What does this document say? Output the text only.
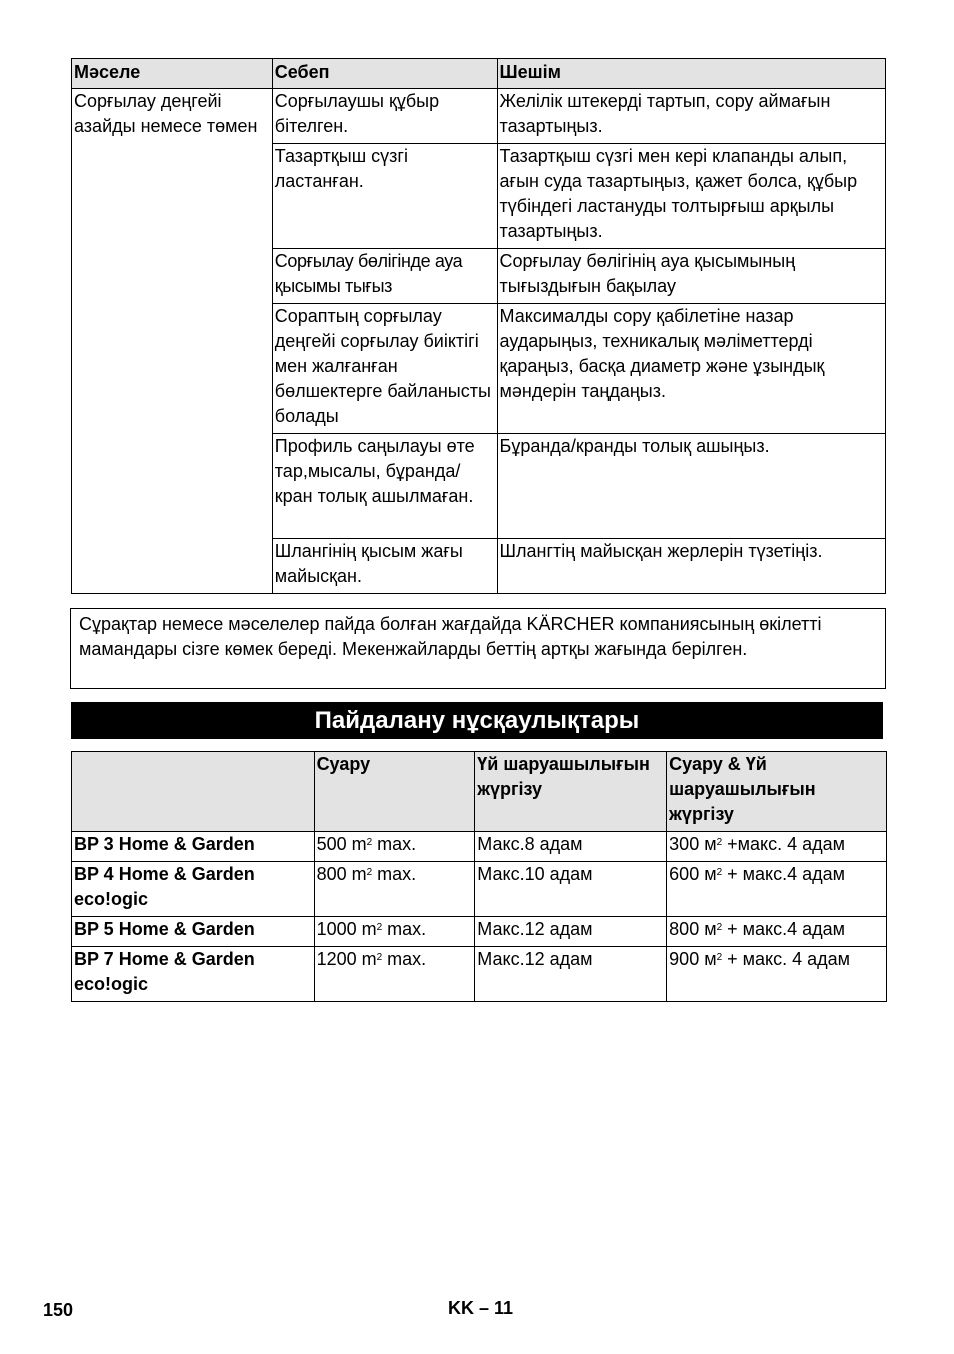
Мәселе	Себеп	Шешім
Сорғылау деңгейі азайды немесе төмен	Сорғылаушы құбыр бітелген.	Желілік штекерді тартып, сору аймағын тазартыңыз.
	Тазартқыш сүзгі ластанған.	Тазартқыш сүзгі мен кері клапанды алып, ағын суда тазартыңыз, қажет болса, құбыр түбіндегі ластануды толтырғыш арқылы тазартыңыз.
	Сорғылау бөлігінде ауа қысымы тығыз	Сорғылау бөлігінің ауа қысымының тығыздығын бақылау
	Сораптың сорғылау деңгейі сорғылау биіктігі мен жалғанған бөлшектерге байланысты болады	Максималды сору қабілетіне назар аударыңыз, техникалық мәліметтерді қараңыз, басқа диаметр және ұзындық мәндерін таңдаңыз.
	Профиль саңылауы өте тар,мысалы, бұранда/кран толық ашылмаған.	Бұранда/кранды толық ашыңыз.
	Шлангінің қысым жағы майысқан.	Шлангтің майысқан жерлерін түзетіңіз.
Сұрақтар немесе мәселелер пайда болған жағдайда KÄRCHER компаниясының өкілетті мамандары сізге көмек береді. Мекенжайларды беттің артқы жағында берілген.
Пайдалану нұсқаулықтары
	Суару	Үй шаруашылығын жүргізу	Суару & Үй шаруашылығын жүргізу
BP 3 Home & Garden	500 $m^2$ max.	Макс.8 адам	300 $м^2$ +макс. 4 адам
BP 4 Home & Garden eco!ogic	800 $m^2$ max.	Макс.10 адам	600 $м^2$ + макс.4 адам
BP 5 Home & Garden	1000 $m^2$ max.	Макс.12 адам	800 $м^2$ + макс.4 адам
BP 7 Home & Garden eco!ogic	1200 $m^2$ max.	Макс.12 адам	900 $м^2$ + макс. 4 адам
150	KK – 11
